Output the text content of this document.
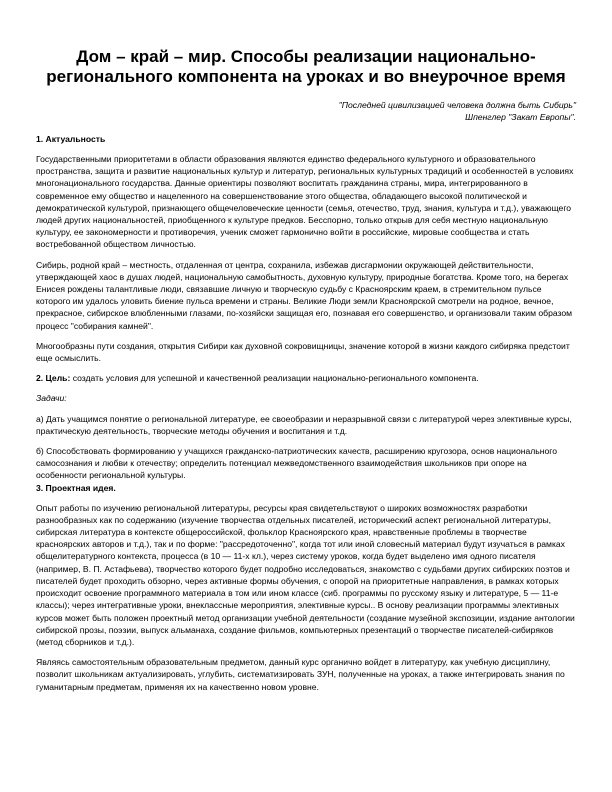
Дом – край – мир. Способы реализации национально-регионального компонента на уроках и во внеурочное время
"Последней цивилизацией человека должна быть Сибирь"
Шпенглер "Закат Европы".
1. Актуальность
Государственными приоритетами в области образования являются единство федерального культурного и образовательного пространства, защита и развитие национальных культур и литератур, региональных культурных традиций и особенностей в условиях многонационального государства. Данные ориентиры позволяют воспитать гражданина страны, мира, интегрированного в современное ему общество и нацеленного на совершенствование этого общества, обладающего высокой политической и демократической культурой, признающего общечеловеческие ценности (семья, отечество, труд, знания, культура и т.д.), уважающего людей других национальностей, приобщенного к культуре предков. Бесспорно, только открыв для себя местную национальную культуру, ее закономерности и противоречия, ученик сможет гармонично войти в российские, мировые сообщества и стать востребованной обществом личностью.
Сибирь, родной край – местность, отдаленная от центра, сохранила, избежав дисгармонии окружающей действительности, утверждающей хаос в душах людей, национальную самобытность, духовную культуру, природные богатства. Кроме того, на берегах Енисея рождены талантливые люди, связавшие личную и творческую судьбу с Красноярским краем, в стремительном пульсе которого им удалось уловить биение пульса времени и страны. Великие Люди земли Красноярской смотрели на родное, вечное, прекрасное, сибирское влюбленными глазами, по-хозяйски защищая его, познавая его совершенство, и организовали таким образом процесс "собирания камней".
Многообразны пути создания, открытия Сибири как духовной сокровищницы, значение которой в жизни каждого сибиряка предстоит еще осмыслить.
2. Цель: создать условия для успешной и качественной реализации национально-регионального компонента.
Задачи:
а) Дать учащимся понятие о региональной литературе, ее своеобразии и неразрывной связи с литературой через элективные курсы, практическую деятельность, творческие методы обучения и воспитания и т.д.
б) Способствовать формированию у учащихся гражданско-патриотических качеств, расширению кругозора, основ национального самосознания и любви к отечеству; определить потенциал межведомственного взаимодействия школьников при опоре на особенности региональной культуры.
3. Проектная идея.
Опыт работы по изучению региональной литературы, ресурсы края свидетельствуют о широких возможностях разработки разнообразных как по содержанию (изучение творчества отдельных писателей, исторический аспект региональной литературы, сибирская литература в контексте общероссийской, фольклор Красноярского края, нравственные проблемы в творчестве красноярских авторов и т.д.), так и по форме: "рассредоточенно", когда тот или иной словесный материал будут изучаться в рамках общелитературного контекста, процесса (в 10 — 11-х кл.), через систему уроков, когда будет выделено имя одного писателя (например, В. П. Астафьева), творчество которого будет подробно исследоваться, знакомство с судьбами других сибирских поэтов и писателей будет проходить обзорно, через активные формы обучения, с опорой на приоритетные направления, в рамках которых происходит освоение программного материала в том или ином классе (сиб. программы по русскому языку и литературе, 5 — 11-е классы); через интегративные уроки, внеклассные мероприятия, элективные курсы.. В основу реализации программы элективных курсов может быть положен проектный метод организации учебной деятельности (создание музейной экспозиции, издание антологии сибирской прозы, поэзии, выпуск альманаха, создание фильмов, компьютерных презентаций о творчестве писателей-сибиряков (метод сборников и т.д.).
Являясь самостоятельным образовательным предметом, данный курс органично войдет в литературу, как учебную дисциплину, позволит школьникам актуализировать, углубить, систематизировать ЗУН, полученные на уроках, а также интегрировать знания по гуманитарным предметам, применяя их на качественно новом уровне.
